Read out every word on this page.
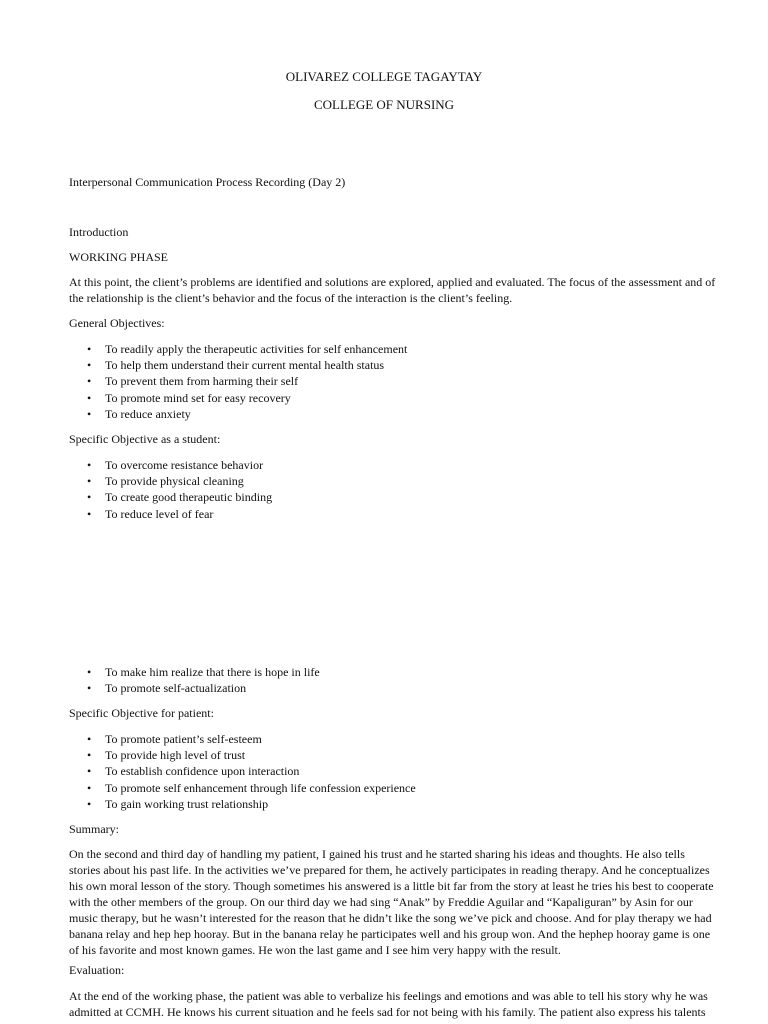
OLIVAREZ COLLEGE TAGAYTAY
COLLEGE OF NURSING
Interpersonal Communication Process Recording (Day 2)
Introduction
WORKING PHASE
At this point, the client’s problems are identified and solutions are explored, applied and evaluated. The focus of the assessment and of
the relationship is the client’s behavior and the focus of the interaction is the client’s feeling.
General Objectives:
• To readily apply the therapeutic activities for self enhancement
• To help them understand their current mental health status
• To prevent them from harming their self
• To promote mind set for easy recovery
• To reduce anxiety
Specific Objective as a student:
• To overcome resistance behavior
• To provide physical cleaning
• To create good therapeutic binding
• To reduce level of fear
• To make him realize that there is hope in life
• To promote self-actualization
Specific Objective for patient:
• To promote patient’s self-esteem
• To provide high level of trust
• To establish confidence upon interaction
• To promote self enhancement through life confession experience
• To gain working trust relationship
Summary:
On the second and third day of handling my patient, I gained his trust and he started sharing his ideas and thoughts. He also tells
stories about his past life. In the activities we’ve prepared for them, he actively participates in reading therapy. And he conceptualizes
his own moral lesson of the story. Though sometimes his answered is a little bit far from the story at least he tries his best to cooperate
with the other members of the group. On our third day we had sing “Anak” by Freddie Aguilar and “Kapaliguran” by Asin for our
music therapy, but he wasn’t interested for the reason that he didn’t like the song we’ve pick and choose. And for play therapy we had
banana relay and hep hep hooray. But in the banana relay he participates well and his group won. And the hephep hooray game is one
of his favorite and most known games. He won the last game and I see him very happy with the result.
Evaluation:
At the end of the working phase, the patient was able to verbalize his feelings and emotions and was able to tell his story why he was
admitted at CCMH. He knows his current situation and he feels sad for not being with his family. The patient also express his talents
